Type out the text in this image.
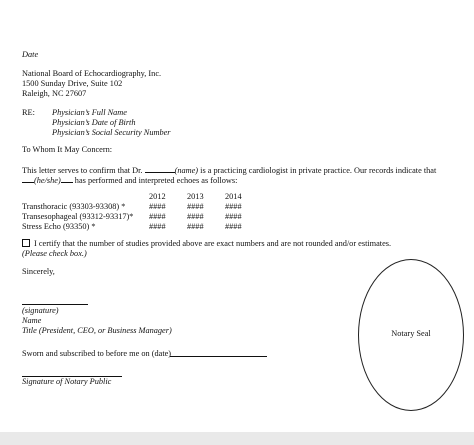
Date
National Board of Echocardiography, Inc.
1500 Sunday Drive, Suite 102
Raleigh, NC 27607
RE: Physician’s Full Name
Physician’s Date of Birth
Physician’s Social Security Number
To Whom It May Concern:
This letter serves to confirm that Dr.	(name) is a practicing cardiologist in private practice. Our records indicate that
(he/she) has performed and interpreted echoes as follows:
2012	2013	2014
Transthoracic (93303-93308) *	####	####	####
Transesophageal (93312-93317)* ####	####	####
Stress Echo (93350) *	####	####	####
I certify that the number of studies provided above are exact numbers and are not rounded and/or estimates.
(Please check box.)
Sincerely,
(signature)
Name
Title (President, CEO, or Business Manager)
Sworn and subscribed to before me on (date)
Signature of Notary Public
Notary Seal
